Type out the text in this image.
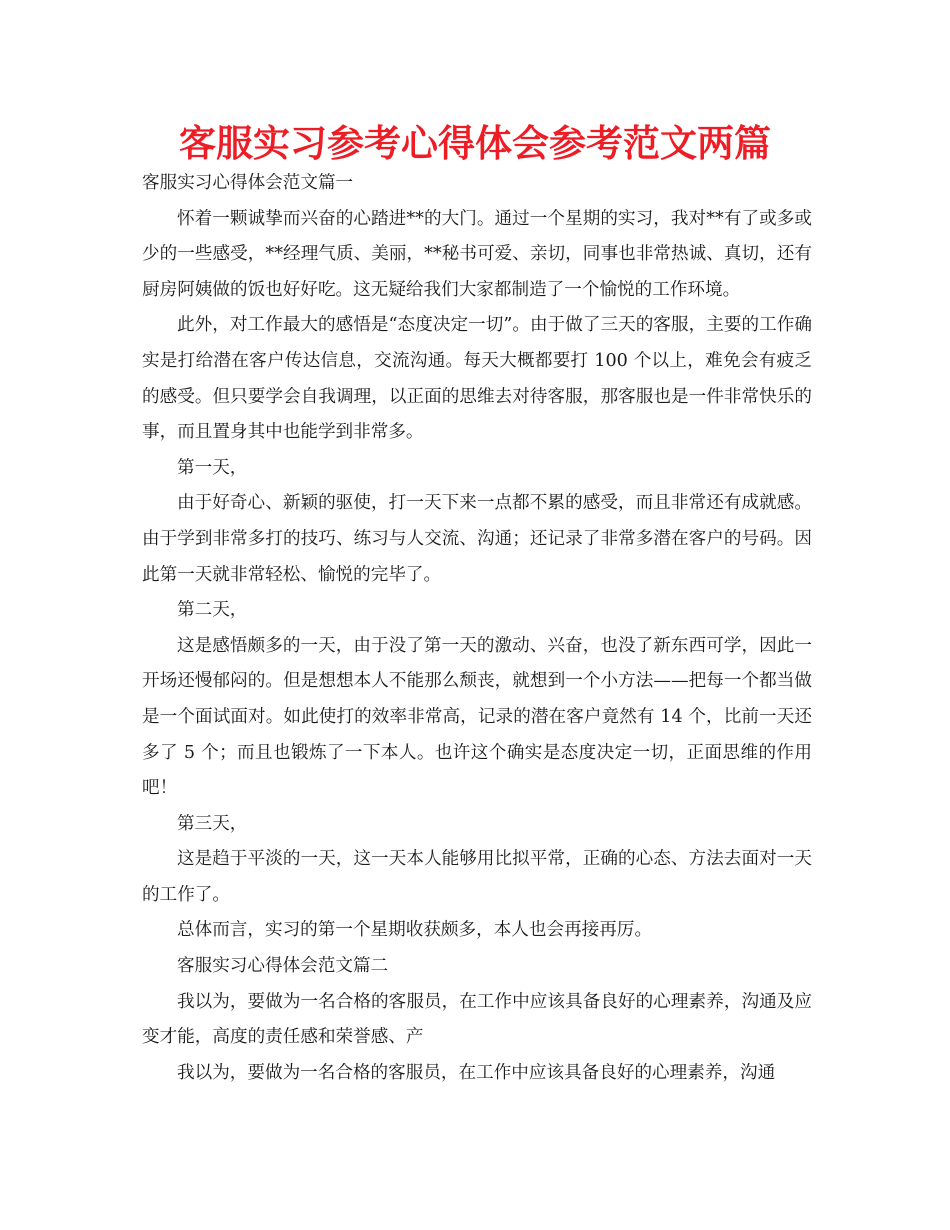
客服实习参考心得体会参考范文两篇

客服实习心得体会范文篇一

怀着一颗诚挚而兴奋的心踏进**的大门。通过一个星期的实习，我对**有了或多或少的一些感受，**经理气质、美丽，**秘书可爱、亲切，同事也非常热诚、真切，还有厨房阿姨做的饭也好好吃。这无疑给我们大家都制造了一个愉悦的工作环境。

此外，对工作最大的感悟是“态度决定一切”。由于做了三天的客服，主要的工作确实是打给潜在客户传达信息，交流沟通。每天大概都要打 100 个以上，难免会有疲乏的感受。但只要学会自我调理，以正面的思维去对待客服，那客服也是一件非常快乐的事，而且置身其中也能学到非常多。

第一天，

由于好奇心、新颖的驱使，打一天下来一点都不累的感受，而且非常还有成就感。由于学到非常多打的技巧、练习与人交流、沟通；还记录了非常多潜在客户的号码。因此第一天就非常轻松、愉悦的完毕了。

第二天，

这是感悟颇多的一天，由于没了第一天的激动、兴奋，也没了新东西可学，因此一开场还慢郁闷的。但是想想本人不能那么颓丧，就想到一个小方法——把每一个都当做是一个面试面对。如此使打的效率非常高，记录的潜在客户竟然有 14 个，比前一天还多了 5 个；而且也锻炼了一下本人。也许这个确实是态度决定一切，正面思维的作用吧！

第三天，

这是趋于平淡的一天，这一天本人能够用比拟平常，正确的心态、方法去面对一天的工作了。

总体而言，实习的第一个星期收获颇多，本人也会再接再厉。

客服实习心得体会范文篇二

我以为，要做为一名合格的客服员，在工作中应该具备良好的心理素养，沟通及应变才能，高度的责任感和荣誉感、产

我以为，要做为一名合格的客服员，在工作中应该具备良好的心理素养，沟通
